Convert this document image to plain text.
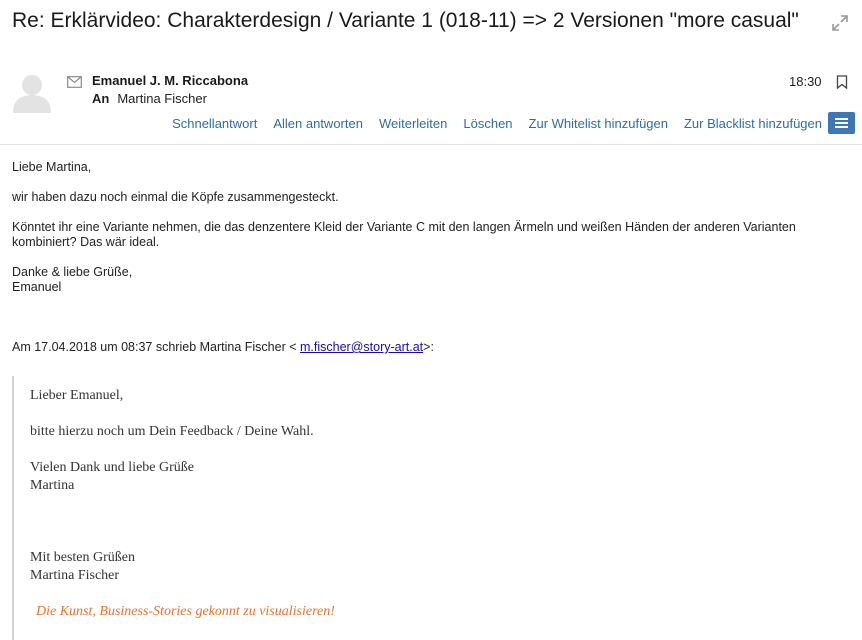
Re: Erklärvideo: Charakterdesign / Variante 1 (018-11) => 2 Versionen "more casual"
Emanuel J. M. Riccabona
An Martina Fischer
18:30
Schnellantwort Allen antworten Weiterleiten Löschen Zur Whitelist hinzufügen Zur Blacklist hinzufügen

Liebe Martina,

wir haben dazu noch einmal die Köpfe zusammengesteckt.

Könntet ihr eine Variante nehmen, die das denzentere Kleid der Variante C mit den langen Ärmeln und weißen Händen der anderen Varianten kombiniert? Das wär ideal.

Danke & liebe Grüße,

Emanuel

Am 17.04.2018 um 08:37 schrieb Martina Fischer < m.fischer@story-art.at>:

Lieber Emanuel,

bitte hierzu noch um Dein Feedback / Deine Wahl.

Vielen Dank und liebe Grüße

Martina

Mit besten Grüßen

Martina Fischer

Die Kunst, Business-Stories gekonnt zu visualisieren!
